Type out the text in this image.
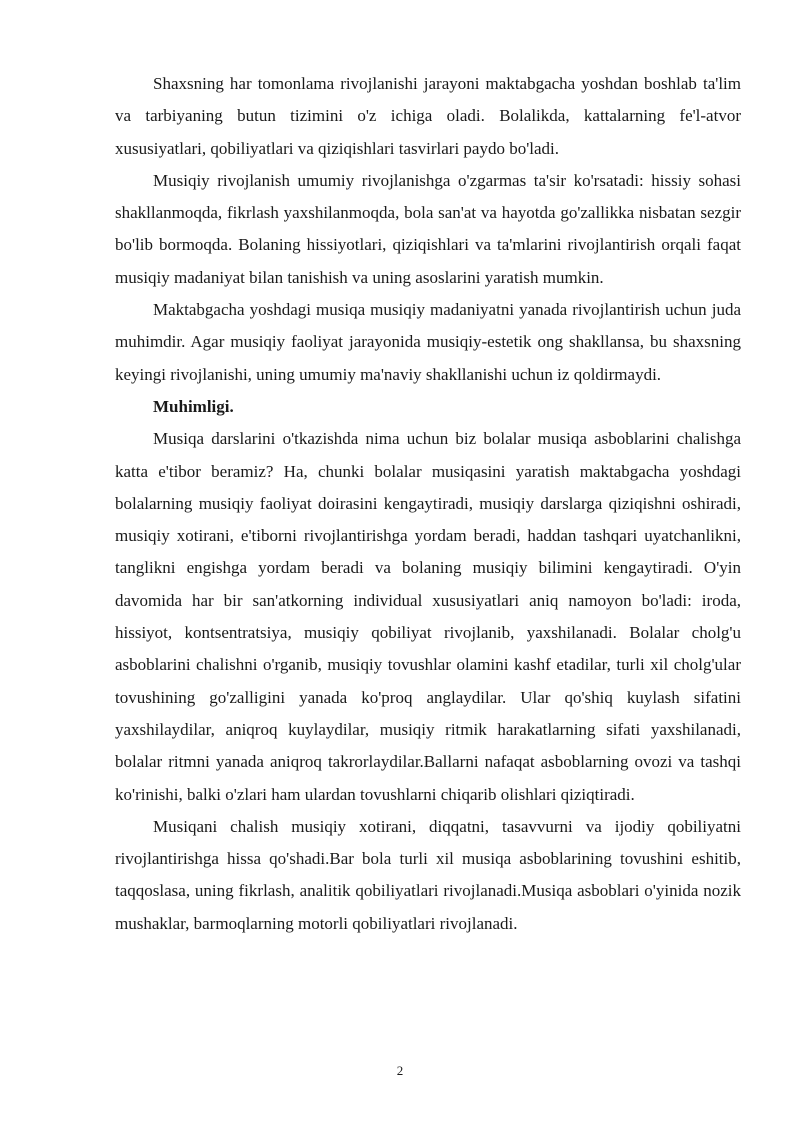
Shaxsning har tomonlama rivojlanishi jarayoni maktabgacha yoshdan boshlab ta'lim va tarbiyaning butun tizimini o'z ichiga oladi. Bolalikda, kattalarning fe'l-atvor xususiyatlari, qobiliyatlari va qiziqishlari tasvirlari paydo bo'ladi.

Musiqiy rivojlanish umumiy rivojlanishga o'zgarmas ta'sir ko'rsatadi: hissiy sohasi shakllanmoqda, fikrlash yaxshilanmoqda, bola san'at va hayotda go'zallikka nisbatan sezgir bo'lib bormoqda. Bolaning hissiyotlari, qiziqishlari va ta'mlarini rivojlantirish orqali faqat musiqiy madaniyat bilan tanishish va uning asoslarini yaratish mumkin.

Maktabgacha yoshdagi musiqa musiqiy madaniyatni yanada rivojlantirish uchun juda muhimdir. Agar musiqiy faoliyat jarayonida musiqiy-estetik ong shakllansa, bu shaxsning keyingi rivojlanishi, uning umumiy ma'naviy shakllanishi uchun iz qoldirmaydi.

Muhimligi.

Musiqa darslarini o'tkazishda nima uchun biz bolalar musiqa asboblarini chalishga katta e'tibor beramiz? Ha, chunki bolalar musiqasini yaratish maktabgacha yoshdagi bolalarning musiqiy faoliyat doirasini kengaytiradi, musiqiy darslarga qiziqishni oshiradi, musiqiy xotirani, e'tiborni rivojlantirishga yordam beradi, haddan tashqari uyatchanlikni, tanglikni engishga yordam beradi va bolaning musiqiy bilimini kengaytiradi. O'yin davomida har bir san'atkorning individual xususiyatlari aniq namoyon bo'ladi: iroda, hissiyot, kontsentratsiya, musiqiy qobiliyat rivojlanib, yaxshilanadi. Bolalar cholg'u asboblarini chalishni o'rganib, musiqiy tovushlar olamini kashf etadilar, turli xil cholg'ular tovushining go'zalligini yanada ko'proq anglaydilar. Ular qo'shiq kuylash sifatini yaxshilaydilar, aniqroq kuylaydilar, musiqiy ritmik harakatlarning sifati yaxshilanadi, bolalar ritmni yanada aniqroq takrorlaydilar.Ballarni nafaqat asboblarning ovozi va tashqi ko'rinishi, balki o'zlari ham ulardan tovushlarni chiqarib olishlari qiziqtiradi.

Musiqani chalish musiqiy xotirani, diqqatni, tasavvurni va ijodiy qobiliyatni rivojlantirishga hissa qo'shadi.Bar bola turli xil musiqa asboblarining tovushini eshitib, taqqoslasa, uning fikrlash, analitik qobiliyatlari rivojlanadi.Musiqa asboblari o'yinida nozik mushaklar, barmoqlarning motorli qobiliyatlari rivojlanadi.

2
